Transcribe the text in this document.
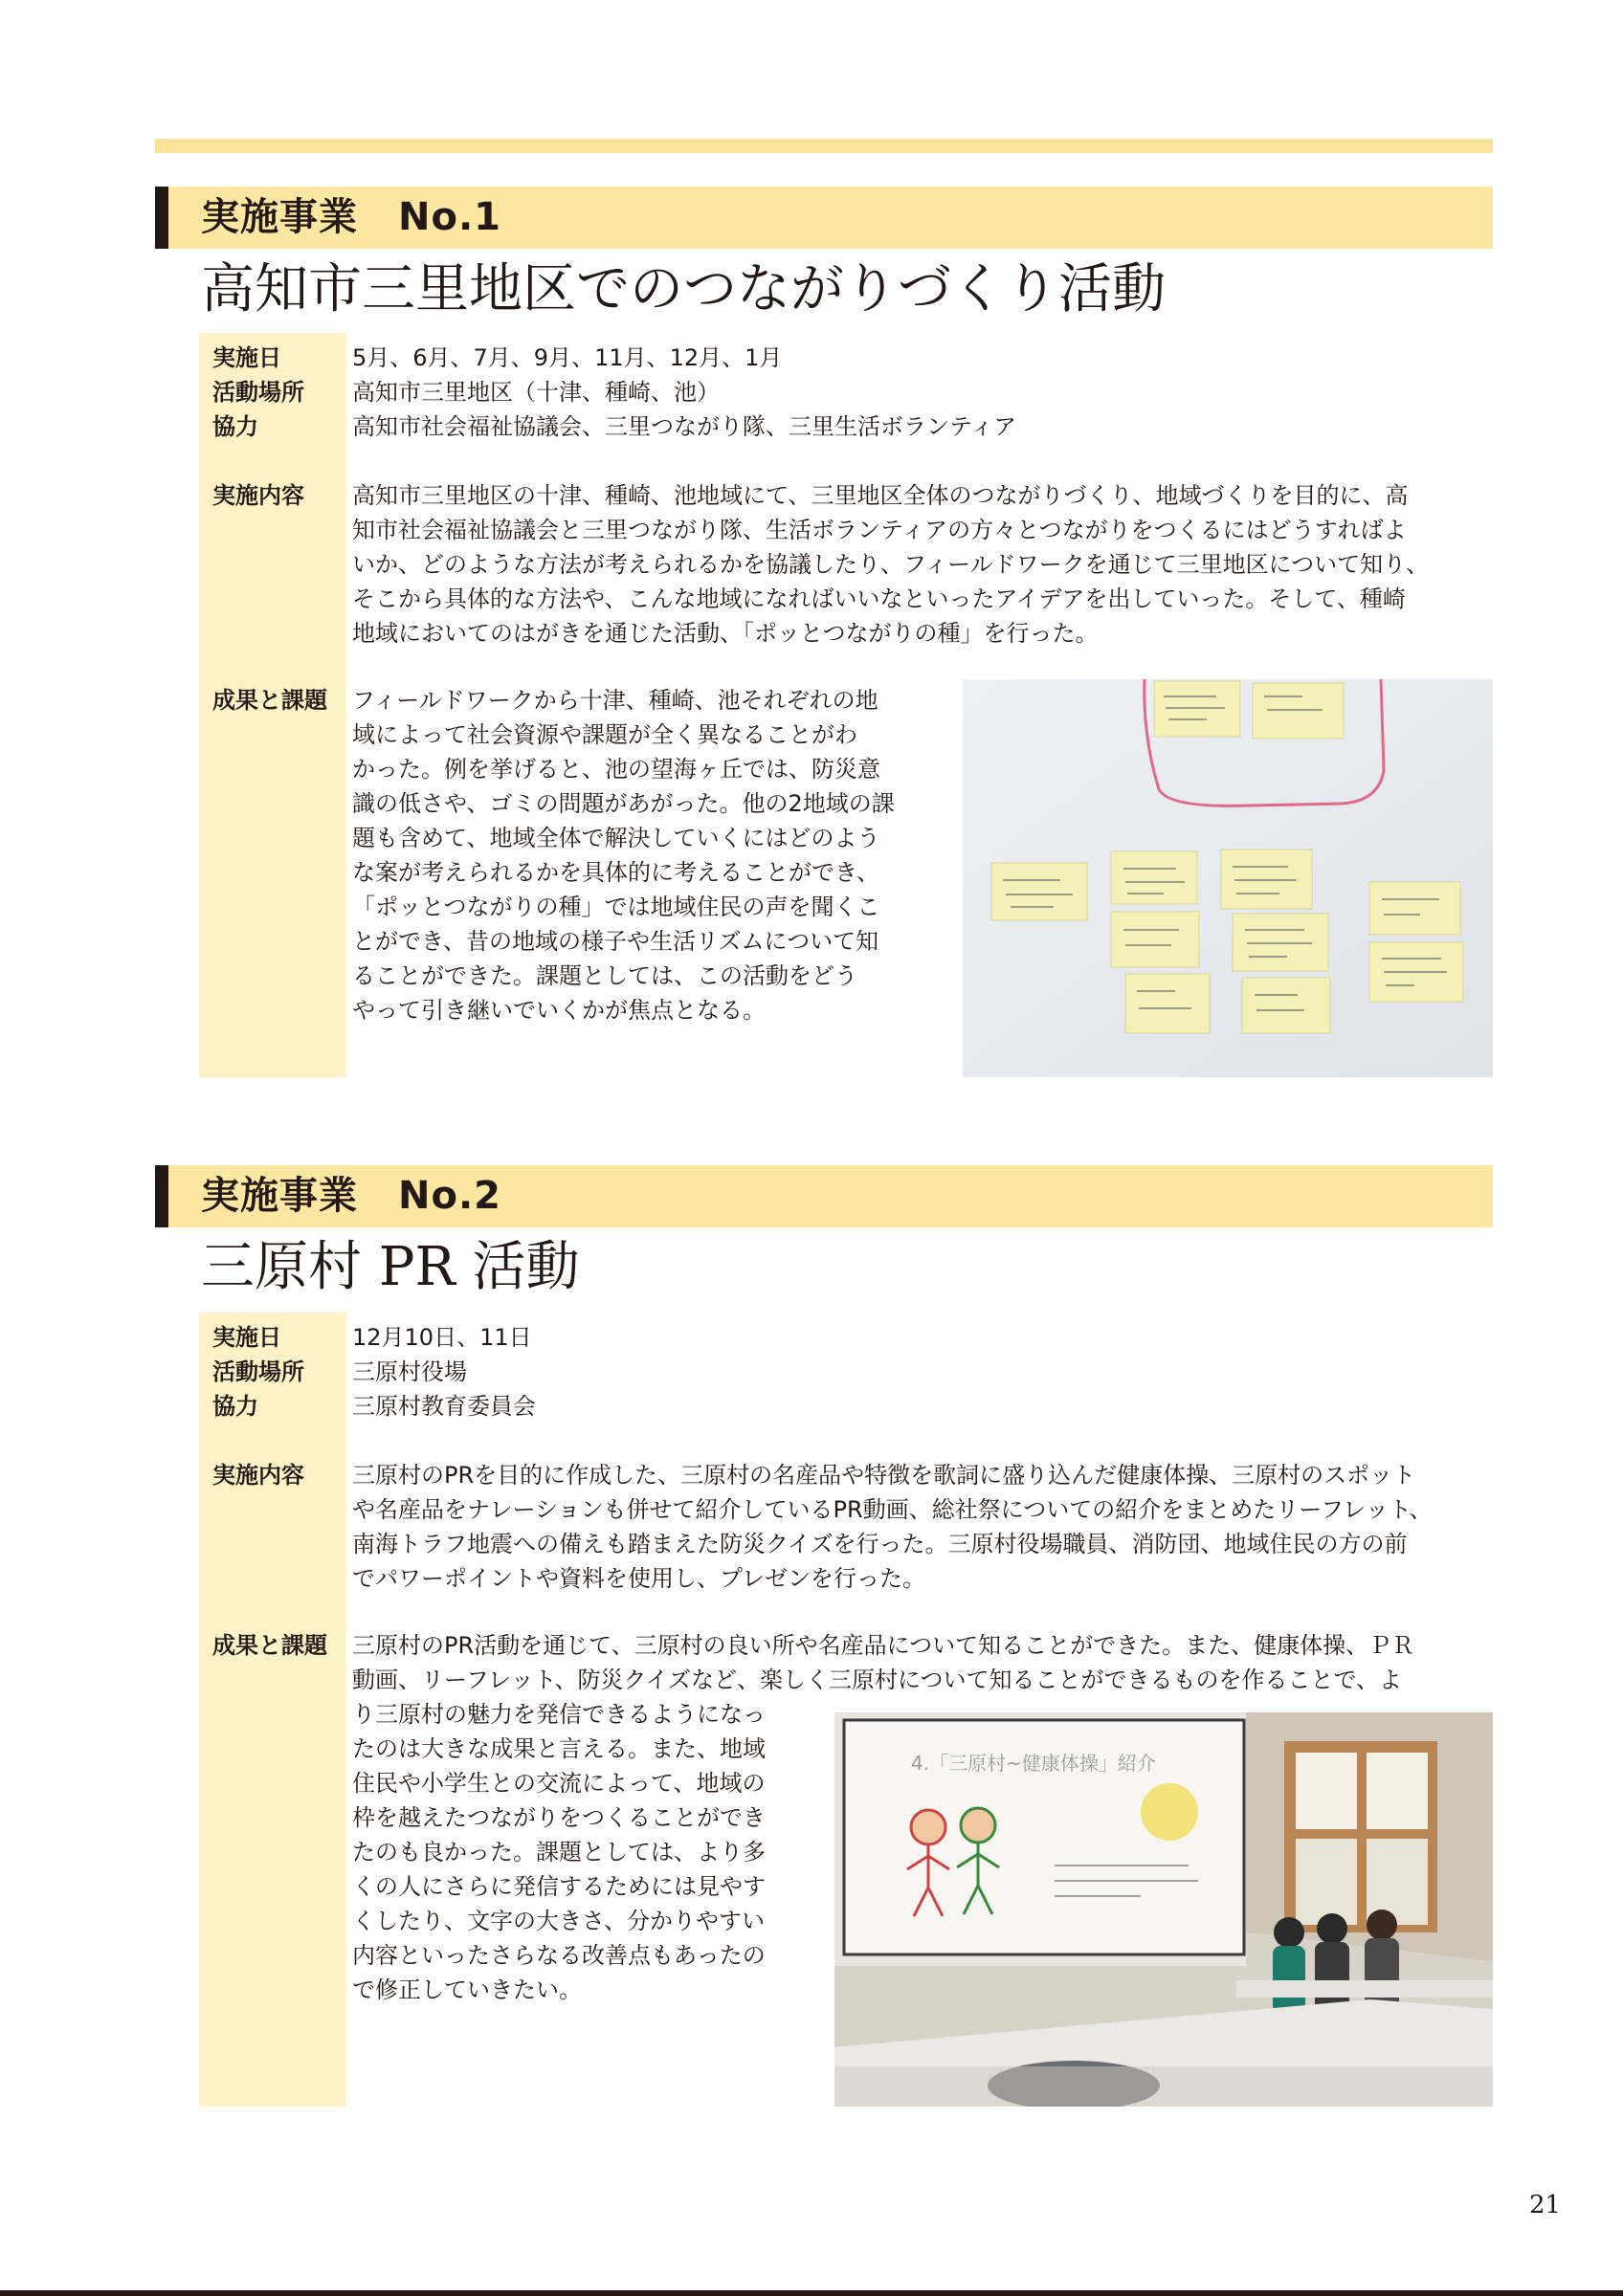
実施事業 No.1
高知市三里地区でのつながりづくり活動
実施日	5月、6月、7月、9月、11月、12月、1月
活動場所 高知市三里地区（十津、種崎、池）
協力	高知市社会福祉協議会、三里つながり隊、三里生活ボランティア
実施内容 高知市三里地区の十津、種崎、池地域にて、三里地区全体のつながりづくり、地域づくりを目的に、高
知市社会福祉協議会と三里つながり隊、生活ボランティアの方々とつながりをつくるにはどうすればよ
いか、どのような方法が考えられるかを協議したり、フィールドワークを通じて三里地区について知り、
そこから具体的な方法や、こんな地域になればいいなといったアイデアを出していった。そして、種崎
地域においてのはがきを通じた活動、「ポッとつながりの種」を行った。
成果と課題 フィールドワークから十津、種崎、池それぞれの地
域によって社会資源や課題が全く異なることがわ
かった。例を挙げると、池の望海ヶ丘では、防災意
識の低さや、ゴミの問題があがった。他の2地域の課
題も含めて、地域全体で解決していくにはどのよう
な案が考えられるかを具体的に考えることができ、
「ポッとつながりの種」では地域住民の声を聞くこ
とができ、昔の地域の様子や生活リズムについて知
ることができた。課題としては、この活動をどう
やって引き継いでいくかが焦点となる。
実施事業 No.2
三原村 PR 活動
実施日	12月10日、11日
活動場所 三原村役場
協力	三原村教育委員会
実施内容 三原村のPRを目的に作成した、三原村の名産品や特徴を歌詞に盛り込んだ健康体操、三原村のスポット
や名産品をナレーションも併せて紹介しているPR動画、総社祭についての紹介をまとめたリーフレット、
南海トラフ地震への備えも踏まえた防災クイズを行った。三原村役場職員、消防団、地域住民の方の前
でパワーポイントや資料を使用し、プレゼンを行った。
成果と課題 三原村のPR活動を通じて、三原村の良い所や名産品について知ることができた。また、健康体操、ＰＲ
動画、リーフレット、防災クイズなど、楽しく三原村について知ることができるものを作ることで、よ
り三原村の魅力を発信できるようになっ
たのは大きな成果と言える。また、地域
住民や小学生との交流によって、地域の
枠を越えたつながりをつくることができ
たのも良かった。課題としては、より多
くの人にさらに発信するためには見やす
くしたり、文字の大きさ、分かりやすい
内容といったさらなる改善点もあったの
で修正していきたい。
4.「三原村~健康体操」紹介
21
